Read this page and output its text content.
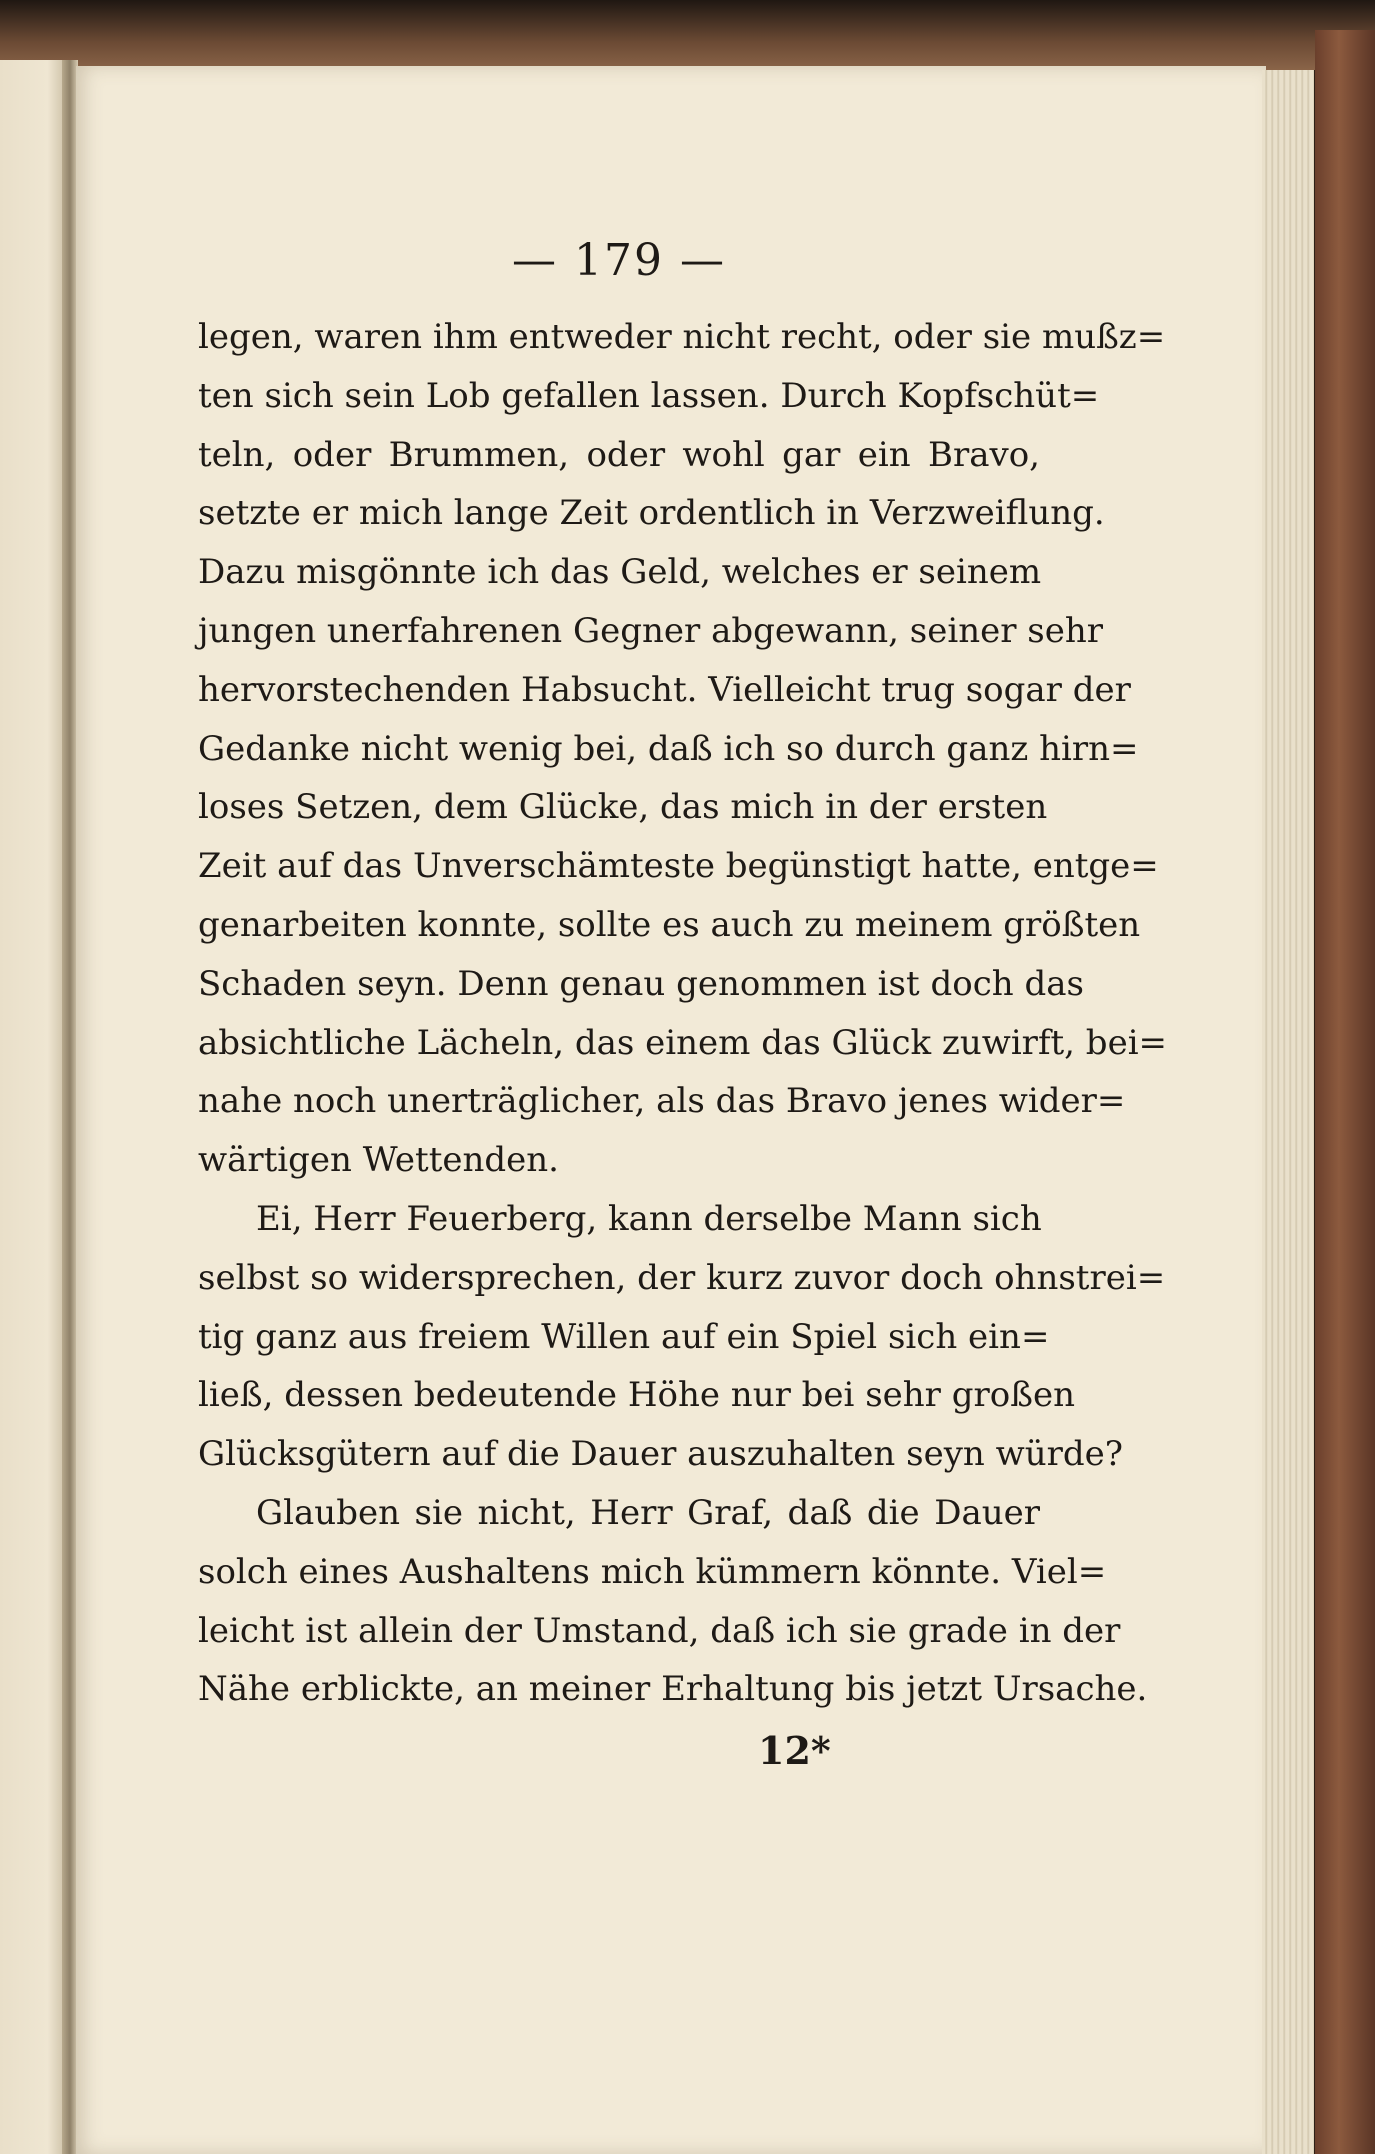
— 179 —
legen, waren ihm entweder nicht recht, oder sie mußz=
ten sich sein Lob gefallen lassen. Durch Kopfschüt=
teln, oder Brummen, oder wohl gar ein Bravo,
setzte er mich lange Zeit ordentlich in Verzweiflung.
Dazu misgönnte ich das Geld, welches er seinem
jungen unerfahrenen Gegner abgewann, seiner sehr
hervorstechenden Habsucht. Vielleicht trug sogar der
Gedanke nicht wenig bei, daß ich so durch ganz hirn=
loses Setzen, dem Glücke, das mich in der ersten
Zeit auf das Unverschämteste begünstigt hatte, entge=
genarbeiten konnte, sollte es auch zu meinem größten
Schaden seyn. Denn genau genommen ist doch das
absichtliche Lächeln, das einem das Glück zuwirft, bei=
nahe noch unerträglicher, als das Bravo jenes wider=
wärtigen Wettenden.
Ei, Herr Feuerberg, kann derselbe Mann sich
selbst so widersprechen, der kurz zuvor doch ohnstrei=
tig ganz aus freiem Willen auf ein Spiel sich ein=
ließ, dessen bedeutende Höhe nur bei sehr großen
Glücksgütern auf die Dauer auszuhalten seyn würde?
Glauben sie nicht, Herr Graf, daß die Dauer
solch eines Aushaltens mich kümmern könnte. Viel=
leicht ist allein der Umstand, daß ich sie grade in der
Nähe erblickte, an meiner Erhaltung bis jetzt Ursache.
12*
